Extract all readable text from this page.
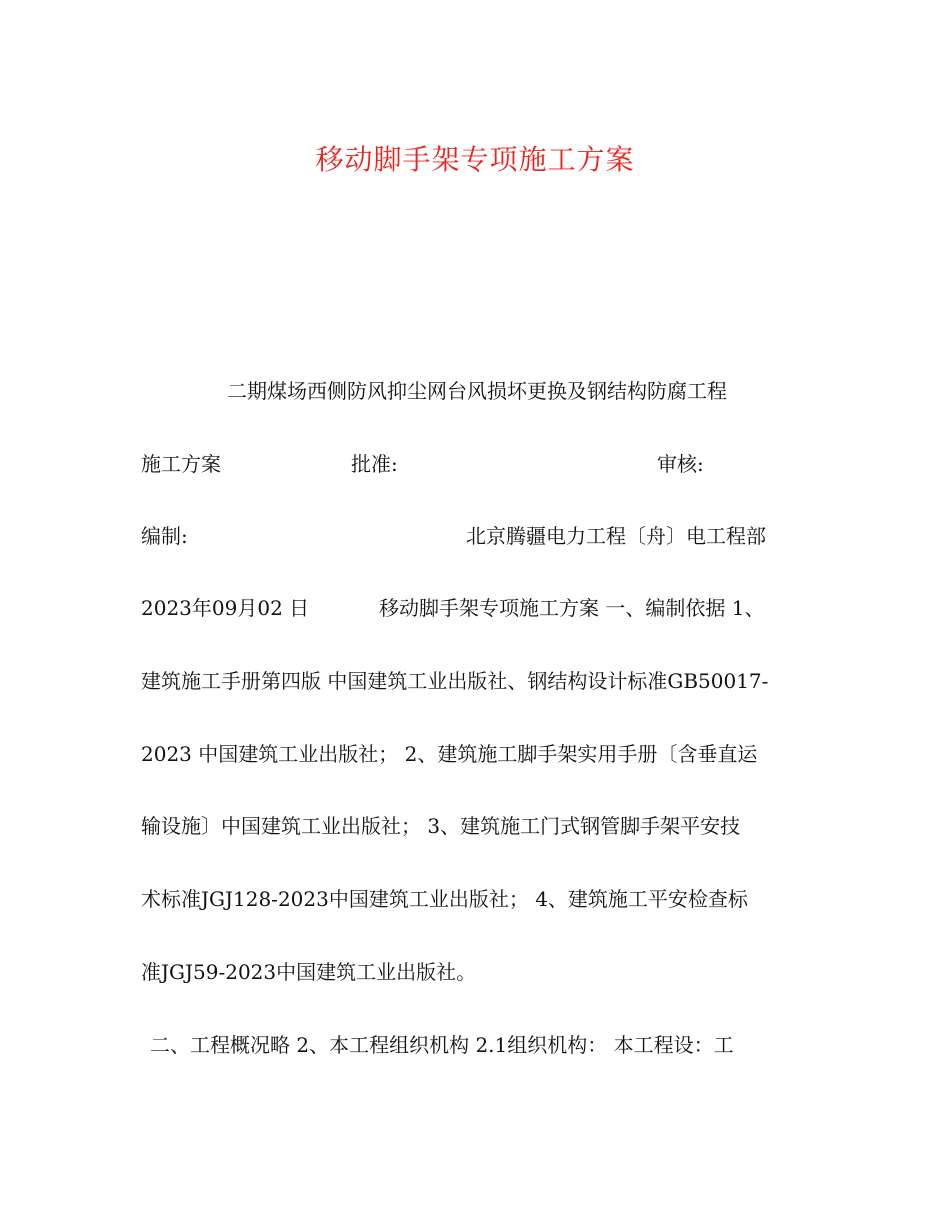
移动脚手架专项施工方案
二期煤场西侧防风抑尘网台风损坏更换及钢结构防腐工程
施工方案	批准:	审核:
编制:	北京腾疆电力工程〔舟〕电工程部
2023年09月02 日	移动脚手架专项施工方案 一、编制依据 1、
建筑施工手册第四版 中国建筑工业出版社、钢结构设计标准GB50017-
2023 中国建筑工业出版社； 2、建筑施工脚手架实用手册〔含垂直运
输设施〕中国建筑工业出版社； 3、建筑施工门式钢管脚手架平安技
术标准JGJ128-2023中国建筑工业出版社； 4、建筑施工平安检查标
准JGJ59-2023中国建筑工业出版社。
二、工程概况略 2、本工程组织机构 2.1组织机构： 本工程设：工
